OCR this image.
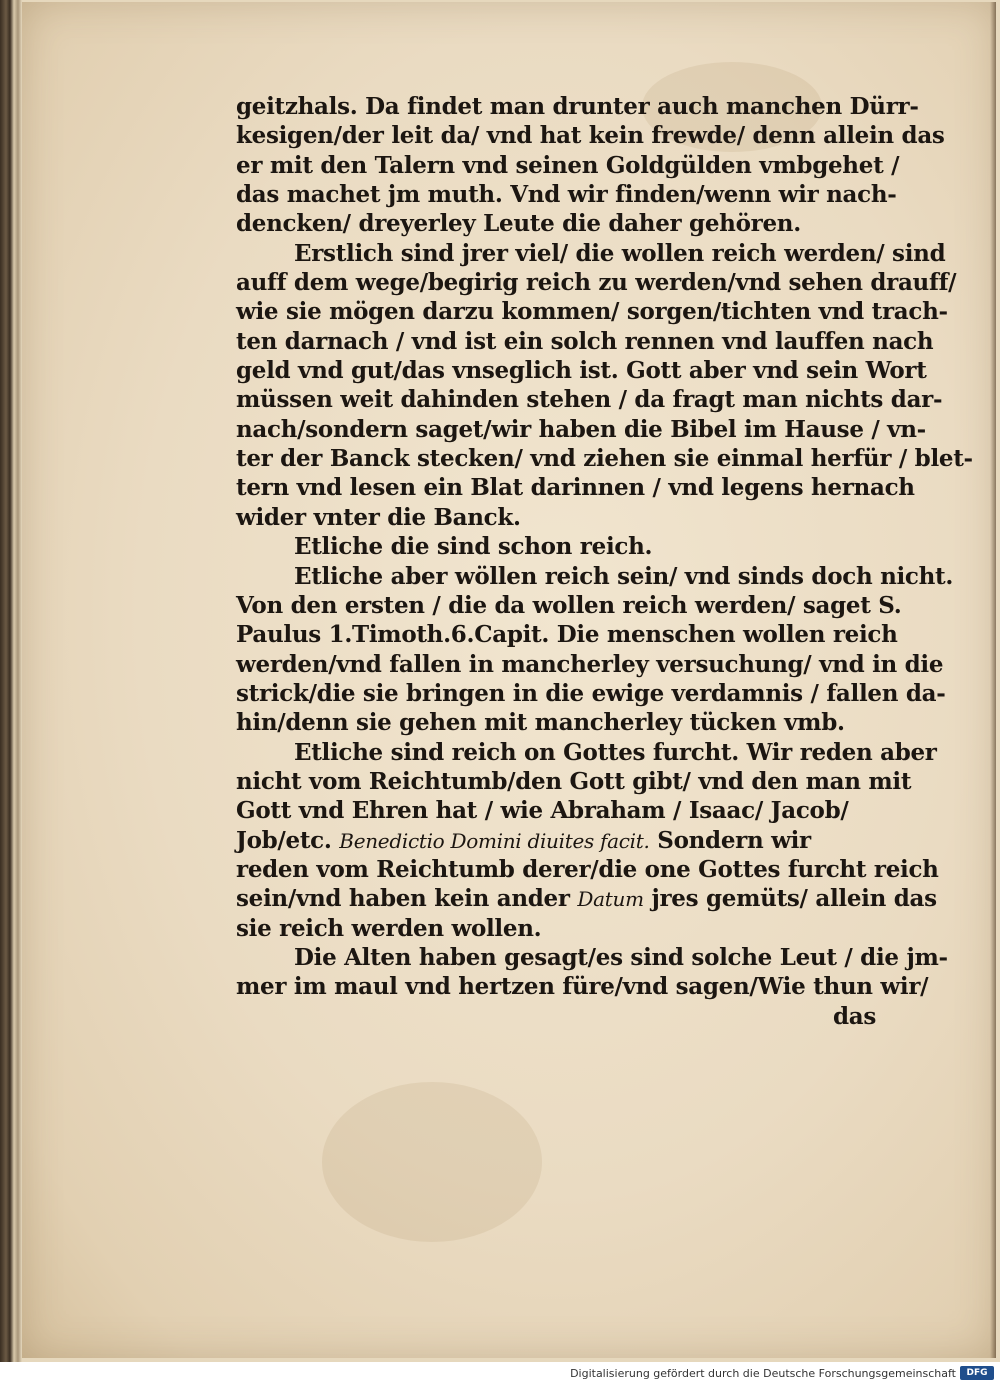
geitzhals. Da findet man drunter auch manchen Dürr-
kesigen/der leit da/ vnd hat kein frewde/ denn allein das
er mit den Talern vnd seinen Goldgülden vmbgehet /
das machet jm muth. Vnd wir finden/wenn wir nach-
dencken/ dreyerley Leute die daher gehören.
Erstlich sind jrer viel/ die wollen reich werden/ sind
auff dem wege/begirig reich zu werden/vnd sehen drauff/
wie sie mögen darzu kommen/ sorgen/tichten vnd trach-
ten darnach / vnd ist ein solch rennen vnd lauffen nach
geld vnd gut/das vnseglich ist. Gott aber vnd sein Wort
müssen weit dahinden stehen / da fragt man nichts dar-
nach/sondern saget/wir haben die Bibel im Hause / vn-
ter der Banck stecken/ vnd ziehen sie einmal herfür / blet-
tern vnd lesen ein Blat darinnen / vnd legens hernach
wider vnter die Banck.
Etliche die sind schon reich.
Etliche aber wöllen reich sein/ vnd sinds doch nicht.
Von den ersten / die da wollen reich werden/ saget S.
Paulus 1.Timoth.6.Capit. Die menschen wollen reich
werden/vnd fallen in mancherley versuchung/ vnd in die
strick/die sie bringen in die ewige verdamnis / fallen da-
hin/denn sie gehen mit mancherley tücken vmb.
Etliche sind reich on Gottes furcht. Wir reden aber
nicht vom Reichtumb/den Gott gibt/ vnd den man mit
Gott vnd Ehren hat / wie Abraham / Isaac/ Jacob/
Job/etc. Benedictio Domini diuites facit. Sondern wir
reden vom Reichtumb derer/die one Gottes furcht reich
sein/vnd haben kein ander Datum jres gemüts/ allein das
sie reich werden wollen.
Die Alten haben gesagt/es sind solche Leut / die jm-
mer im maul vnd hertzen füre/vnd sagen/Wie thun wir/
das
Digitalisierung gefördert durch die Deutsche Forschungsgemeinschaft	DFG
